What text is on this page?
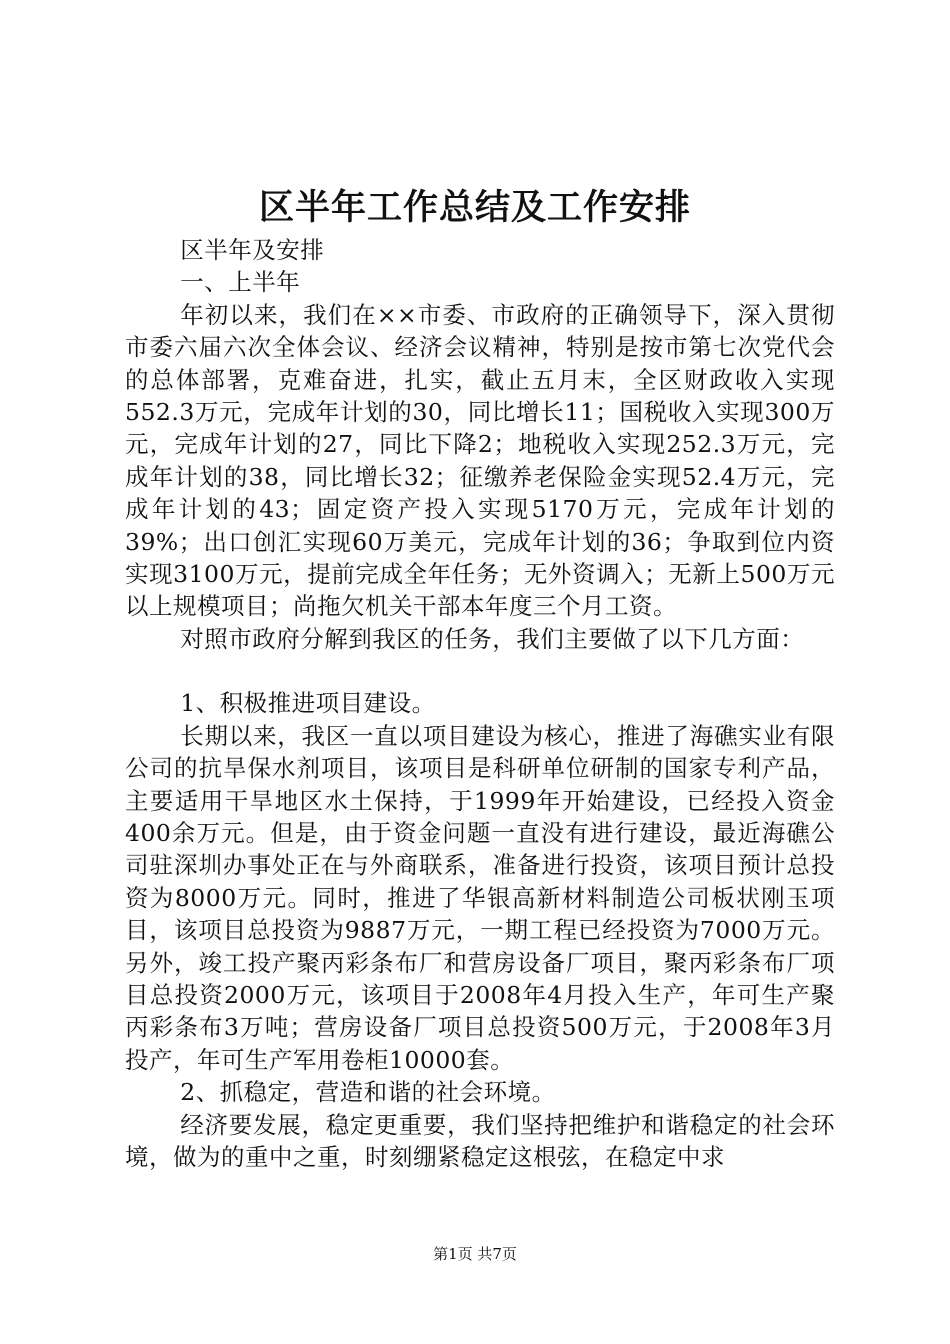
区半年工作总结及工作安排

区半年及安排

一、上半年

年初以来，我们在××市委、市政府的正确领导下，深入贯彻市委六届六次全体会议、经济会议精神，特别是按市第七次党代会的总体部署，克难奋进，扎实，截止五月末，全区财政收入实现552.3万元，完成年计划的30，同比增长11；国税收入实现300万元，完成年计划的27，同比下降2；地税收入实现252.3万元，完成年计划的38，同比增长32；征缴养老保险金实现52.4万元，完成年计划的43；固定资产投入实现5170万元，完成年计划的39%；出口创汇实现60万美元，完成年计划的36；争取到位内资实现3100万元，提前完成全年任务；无外资调入；无新上500万元以上规模项目；尚拖欠机关干部本年度三个月工资。

对照市政府分解到我区的任务，我们主要做了以下几方面：

1、积极推进项目建设。

长期以来，我区一直以项目建设为核心，推进了海礁实业有限公司的抗旱保水剂项目，该项目是科研单位研制的国家专利产品，主要适用干旱地区水土保持，于1999年开始建设，已经投入资金400余万元。但是，由于资金问题一直没有进行建设，最近海礁公司驻深圳办事处正在与外商联系，准备进行投资，该项目预计总投资为8000万元。同时，推进了华银高新材料制造公司板状刚玉项目，该项目总投资为9887万元，一期工程已经投资为7000万元。另外，竣工投产聚丙彩条布厂和营房设备厂项目，聚丙彩条布厂项目总投资2000万元，该项目于2008年4月投入生产，年可生产聚丙彩条布3万吨；营房设备厂项目总投资500万元，于2008年3月投产，年可生产军用卷柜10000套。

2、抓稳定，营造和谐的社会环境。

经济要发展，稳定更重要，我们坚持把维护和谐稳定的社会环境，做为的重中之重，时刻绷紧稳定这根弦，在稳定中求

第1页 共7页
